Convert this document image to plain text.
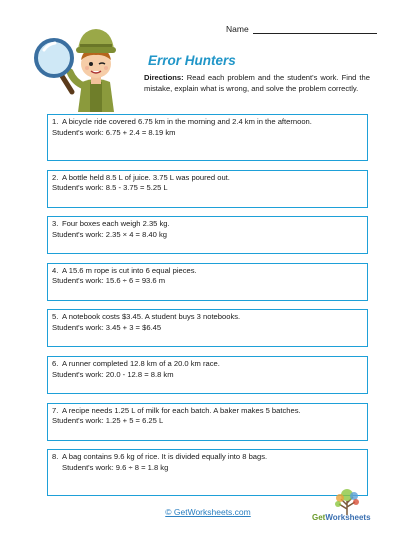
Name
Error Hunters
Directions: Read each problem and the student's work. Find the mistake, explain what is wrong, and solve the problem correctly.
1. A bicycle ride covered 6.75 km in the morning and 2.4 km in the afternoon.
Student's work: 6.75 + 2.4 = 8.19 km
2. A bottle held 8.5 L of juice. 3.75 L was poured out.
Student's work: 8.5 - 3.75 = 5.25 L
3. Four boxes each weigh 2.35 kg.
Student's work: 2.35 × 4 = 8.40 kg
4. A 15.6 m rope is cut into 6 equal pieces.
Student's work: 15.6 ÷ 6 = 93.6 m
5. A notebook costs $3.45. A student buys 3 notebooks.
Student's work: 3.45 + 3 = $6.45
6. A runner completed 12.8 km of a 20.0 km race.
Student's work: 20.0 - 12.8 = 8.8 km
7. A recipe needs 1.25 L of milk for each batch. A baker makes 5 batches.
Student's work: 1.25 + 5 = 6.25 L
8. A bag contains 9.6 kg of rice. It is divided equally into 8 bags.
Student's work: 9.6 ÷ 8 = 1.8 kg
© GetWorksheets.com
GetWorksheets
